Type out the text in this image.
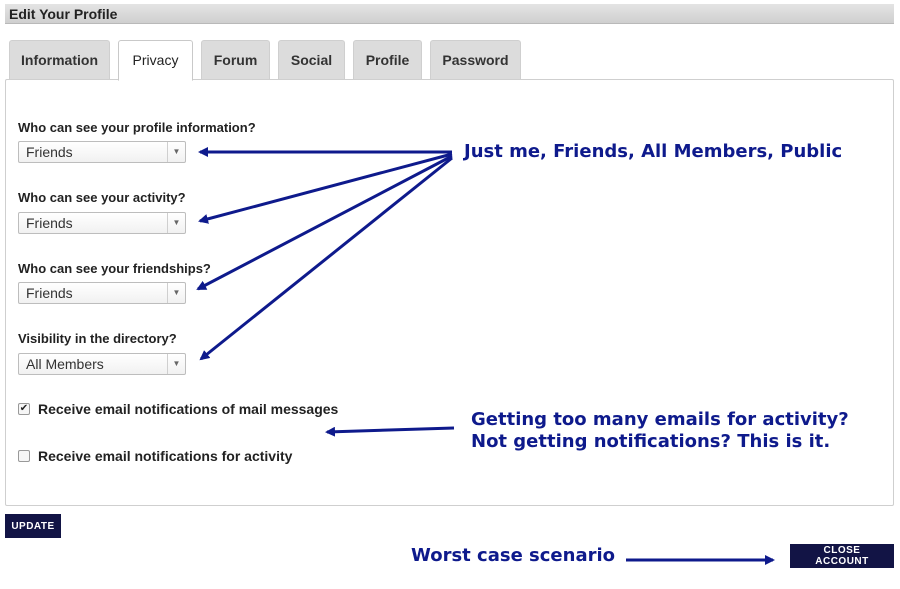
Edit Your Profile
Information	Privacy	Forum	Social	Profile	Password
Who can see your profile information?
Friends	▼
Who can see your activity?
Friends	▼
Who can see your friendships?
Friends	▼
Visibility in the directory?
All Members	▼
✔ Receive email notifications of mail messages
Receive email notifications for activity
UPDATE
CLOSE ACCOUNT
Just me, Friends, All Members, Public
Getting too many emails for activity?
Not getting notifications? This is it.
Worst case scenario
